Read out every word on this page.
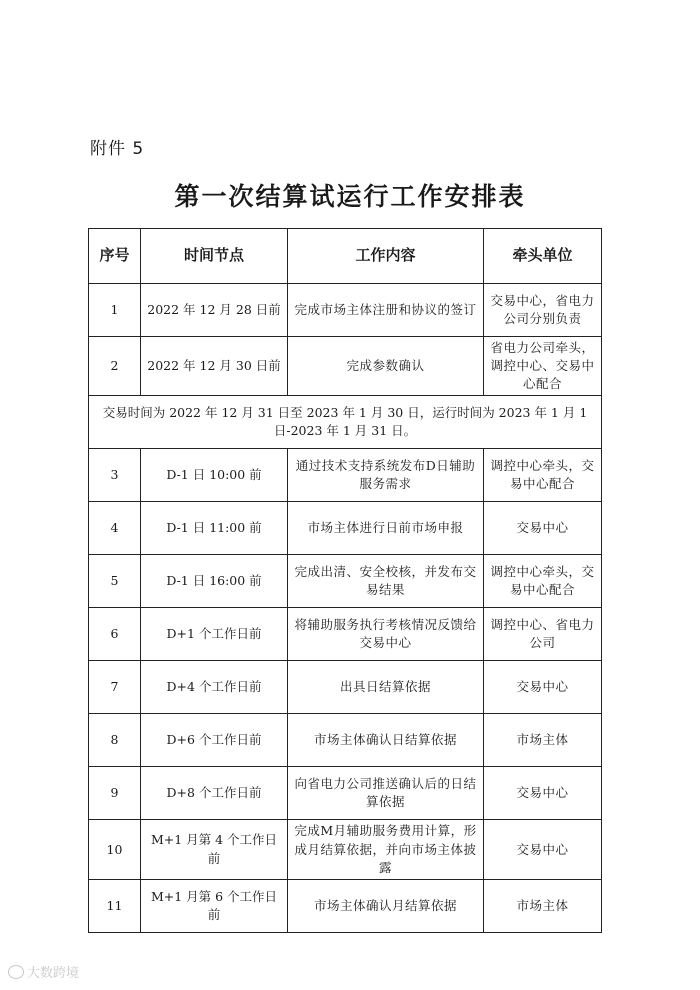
附件 5
第一次结算试运行工作安排表
序号	时间节点	工作内容	牵头单位
1	2022 年 12 月 28 日前	完成市场主体注册和协议的签订	交易中心，省电力公司分别负责
2	2022 年 12 月 30 日前	完成参数确认	省电力公司牵头，调控中心、交易中心配合
交易时间为 2022 年 12 月 31 日至 2023 年 1 月 30 日，运行时间为 2023 年 1 月 1 日-2023 年 1 月 31 日。			
3	D-1 日 10:00 前	通过技术支持系统发布D日辅助服务需求	调控中心牵头，交易中心配合
4	D-1 日 11:00 前	市场主体进行日前市场申报	交易中心
5	D-1 日 16:00 前	完成出清、安全校核，并发布交易结果	调控中心牵头，交易中心配合
6	D+1 个工作日前	将辅助服务执行考核情况反馈给交易中心	调控中心、省电力公司
7	D+4 个工作日前	出具日结算依据	交易中心
8	D+6 个工作日前	市场主体确认日结算依据	市场主体
9	D+8 个工作日前	向省电力公司推送确认后的日结算依据	交易中心
10	M+1 月第 4 个工作日前	完成M月辅助服务费用计算，形成月结算依据，并向市场主体披露	交易中心
11	M+1 月第 6 个工作日前	市场主体确认月结算依据	市场主体
大数跨境
